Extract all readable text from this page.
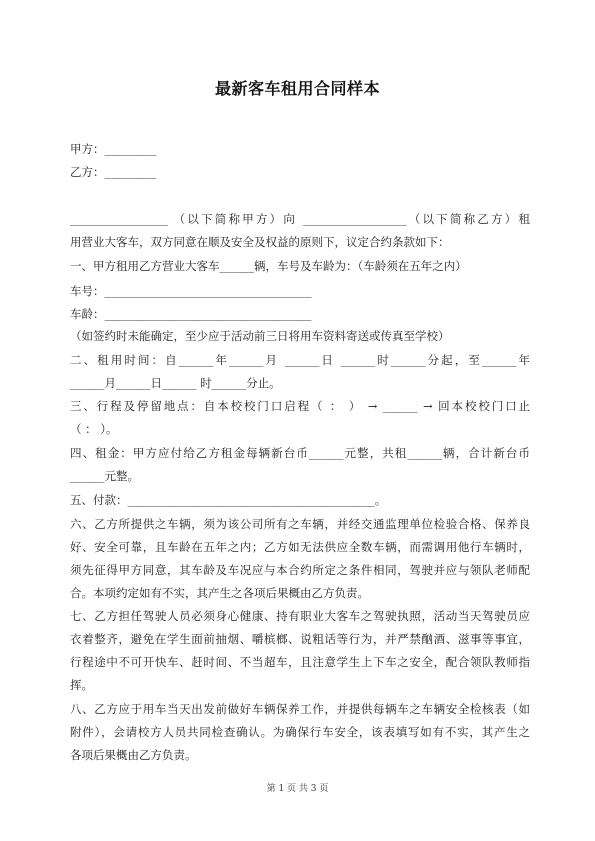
最新客车租用合同样本
甲方：_________
乙方：_________
_________________ （以下简称甲方）向 __________________（以下简称乙方）租
用营业大客车，双方同意在顺及安全及权益的原则下，议定合约条款如下：
一、甲方租用乙方营业大客车______辆，车号及车龄为：（车龄须在五年之内）
车号：____________________________________
车龄：____________________________________
（如签约时未能确定，至少应于活动前三日将用车资料寄送或传真至学校）
二、租用时间：自______年______月 ______日 ______时______分起，至______年
______月______日______ 时______分止。
三、行程及停留地点：自本校校门口启程（ ： ） → ______ → 回本校校门口止
（ ： ）。
四、租金：甲方应付给乙方租金每辆新台币______元整，共租______辆，合计新台币
______元整。
五、付款：___________________________________________。
六、乙方所提供之车辆，须为该公司所有之车辆，并经交通监理单位检验合格、保养良
好、安全可靠，且车龄在五年之内；乙方如无法供应全数车辆，而需调用他行车辆时，
须先征得甲方同意，其车龄及车况应与本合约所定之条件相同，驾驶并应与领队老师配
合。本项约定如有不实，其产生之各项后果概由乙方负责。
七、乙方担任驾驶人员必须身心健康、持有职业大客车之驾驶执照，活动当天驾驶员应
衣着整齐，避免在学生面前抽烟、嚼槟榔、说粗话等行为，并严禁酗酒、滋事等事宜，
行程途中不可开快车、赶时间、不当超车，且注意学生上下车之安全，配合领队教师指
挥。
八、乙方应于用车当天出发前做好车辆保养工作，并提供每辆车之车辆安全检核表（如
附件），会请校方人员共同检查确认。为确保行车安全，该表填写如有不实，其产生之
各项后果概由乙方负责。
第 1 页 共 3 页
